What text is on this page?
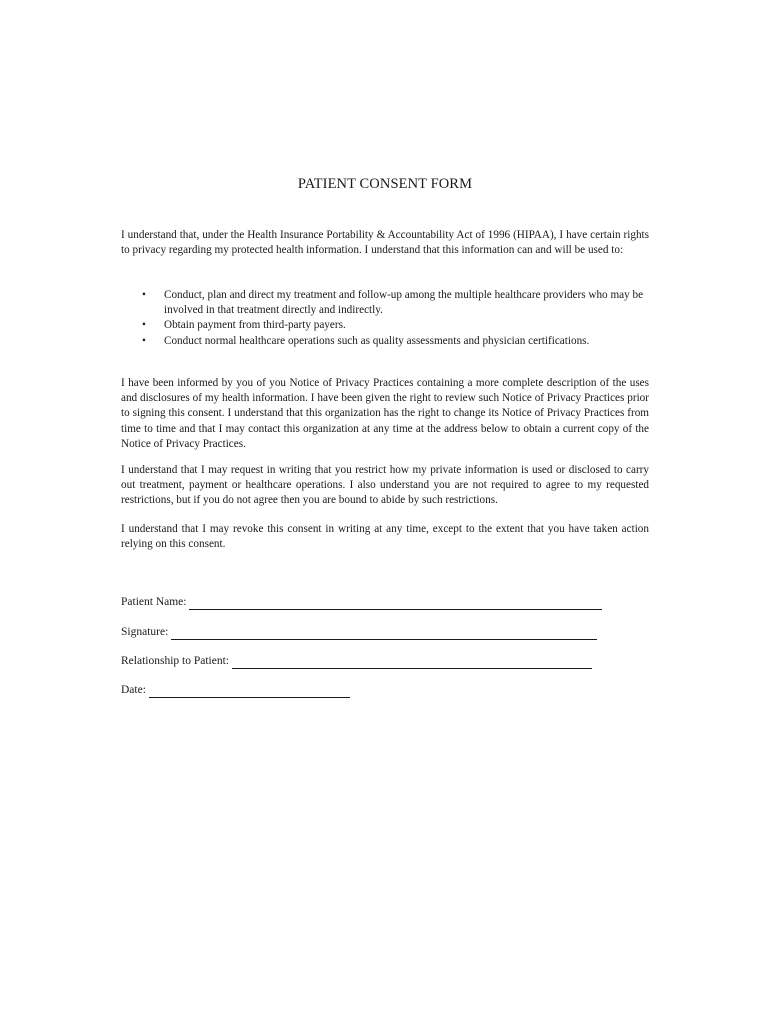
PATIENT CONSENT FORM
I understand that, under the Health Insurance Portability & Accountability Act of 1996 (HIPAA), I have certain rights to privacy regarding my protected health information. I understand that this information can and will be used to:
• Conduct, plan and direct my treatment and follow-up among the multiple healthcare providers who may be involved in that treatment directly and indirectly.
• Obtain payment from third-party payers.
• Conduct normal healthcare operations such as quality assessments and physician certifications.
I have been informed by you of you Notice of Privacy Practices containing a more complete description of the uses and disclosures of my health information. I have been given the right to review such Notice of Privacy Practices prior to signing this consent. I understand that this organization has the right to change its Notice of Privacy Practices from time to time and that I may contact this organization at any time at the address below to obtain a current copy of the Notice of Privacy Practices.
I understand that I may request in writing that you restrict how my private information is used or disclosed to carry out treatment, payment or healthcare operations. I also understand you are not required to agree to my requested restrictions, but if you do not agree then you are bound to abide by such restrictions.
I understand that I may revoke this consent in writing at any time, except to the extent that you have taken action relying on this consent.
Patient Name:
Signature:
Relationship to Patient:
Date:
